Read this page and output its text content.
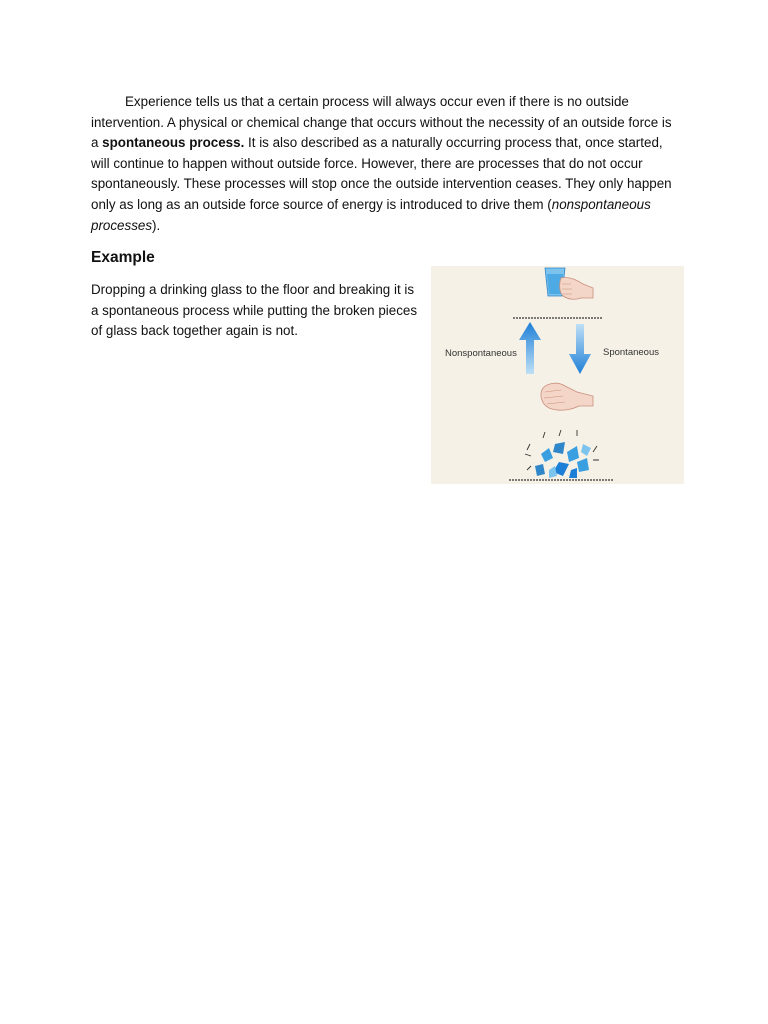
Experience tells us that a certain process will always occur even if there is no outside intervention. A physical or chemical change that occurs without the necessity of an outside force is a spontaneous process. It is also described as a naturally occurring process that, once started, will continue to happen without outside force. However, there are processes that do not occur spontaneously. These processes will stop once the outside intervention ceases. They only happen only as long as an outside force source of energy is introduced to drive them (nonspontaneous processes).

Example

Dropping a drinking glass to the floor and breaking it is a spontaneous process while putting the broken pieces of glass back together again is not.

Nonspontaneous	Spontaneous
